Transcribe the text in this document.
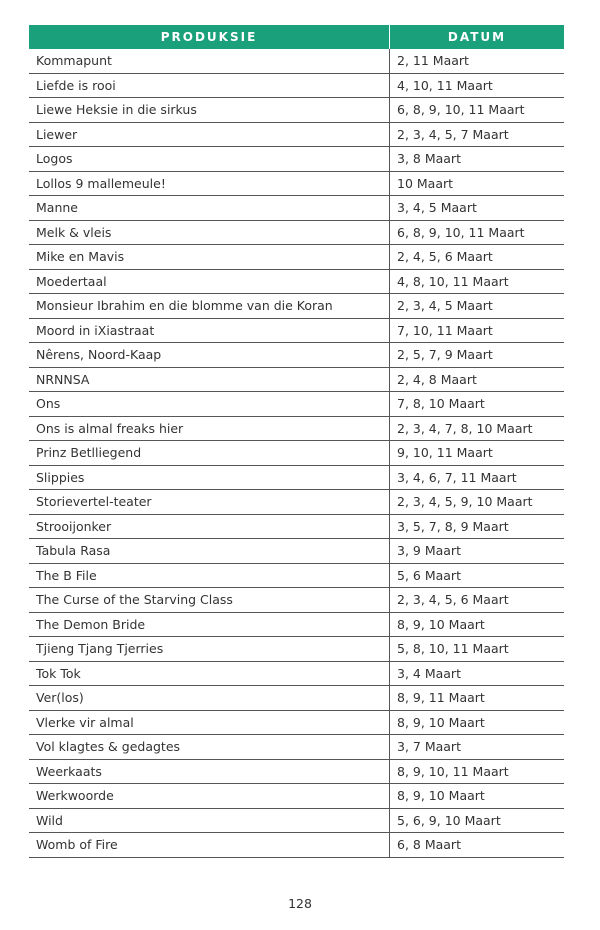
PRODUKSIE	DATUM
Kommapunt	2, 11 Maart
Liefde is rooi	4, 10, 11 Maart
Liewe Heksie in die sirkus	6, 8, 9, 10, 11 Maart
Liewer	2, 3, 4, 5, 7 Maart
Logos	3, 8 Maart
Lollos 9 mallemeule!	10 Maart
Manne	3, 4, 5 Maart
Melk & vleis	6, 8, 9, 10, 11 Maart
Mike en Mavis	2, 4, 5, 6 Maart
Moedertaal	4, 8, 10, 11 Maart
Monsieur Ibrahim en die blomme van die Koran	2, 3, 4, 5 Maart
Moord in iXiastraat	7, 10, 11 Maart
Nêrens, Noord-Kaap	2, 5, 7, 9 Maart
NRNNSA	2, 4, 8 Maart
Ons	7, 8, 10 Maart
Ons is almal freaks hier	2, 3, 4, 7, 8, 10 Maart
Prinz Betlliegend	9, 10, 11 Maart
Slippies	3, 4, 6, 7, 11 Maart
Storievertel-teater	2, 3, 4, 5, 9, 10 Maart
Strooijonker	3, 5, 7, 8, 9 Maart
Tabula Rasa	3, 9 Maart
The B File	5, 6 Maart
The Curse of the Starving Class	2, 3, 4, 5, 6 Maart
The Demon Bride	8, 9, 10 Maart
Tjieng Tjang Tjerries	5, 8, 10, 11 Maart
Tok Tok	3, 4 Maart
Ver(los)	8, 9, 11 Maart
Vlerke vir almal	8, 9, 10 Maart
Vol klagtes & gedagtes	3, 7 Maart
Weerkaats	8, 9, 10, 11 Maart
Werkwoorde	8, 9, 10 Maart
Wild	5, 6, 9, 10 Maart
Womb of Fire	6, 8 Maart
128
